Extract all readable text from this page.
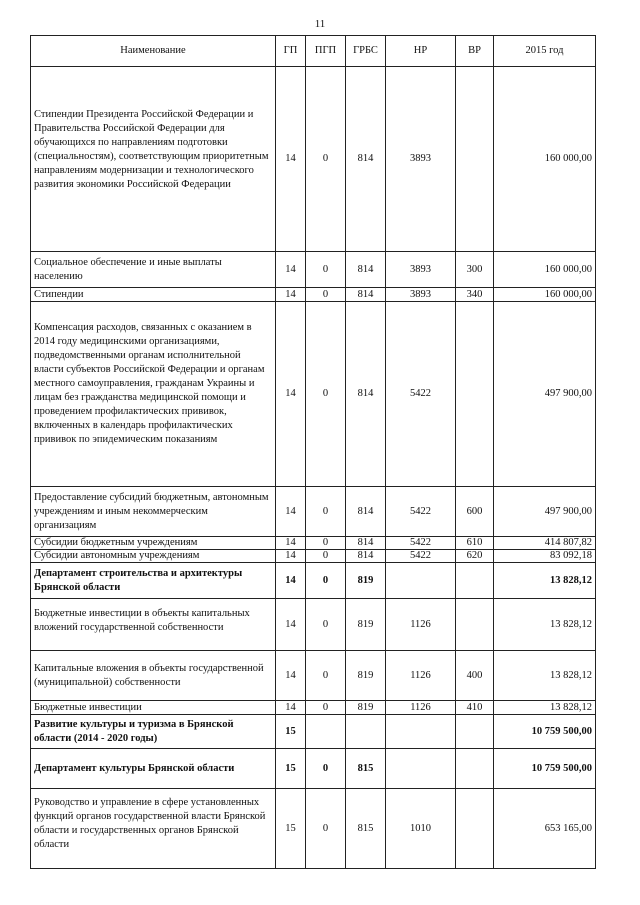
11
Наименование	ГП	ПГП	ГРБС	НР	ВР	2015 год
Стипендии Президента Российской Федерации и Правительства Российской Федерации для обучающихся по направлениям подготовки (специальностям), соответствующим приоритетным направлениям модернизации и технологического развития экономики Российской Федерации	14	0	814	3893		160 000,00
Социальное обеспечение и иные выплаты населению	14	0	814	3893	300	160 000,00
Стипендии	14	0	814	3893	340	160 000,00
Компенсация расходов, связанных с оказанием в 2014 году медицинскими организациями, подведомственными органам исполнительной власти субъектов Российской Федерации и органам местного самоуправления, гражданам Украины и лицам без гражданства медицинской помощи и проведением профилактических прививок, включенных в календарь профилактических прививок по эпидемическим показаниям	14	0	814	5422		497 900,00
Предоставление субсидий бюджетным, автономным учреждениям и иным некоммерческим организациям	14	0	814	5422	600	497 900,00
Субсидии бюджетным учреждениям	14	0	814	5422	610	414 807,82
Субсидии автономным учреждениям	14	0	814	5422	620	83 092,18
Департамент строительства и архитектуры Брянской области	14	0	819			13 828,12
Бюджетные инвестиции в объекты капитальных вложений государственной собственности	14	0	819	1126		13 828,12
Капитальные вложения в объекты государственной (муниципальной) собственности	14	0	819	1126	400	13 828,12
Бюджетные инвестиции	14	0	819	1126	410	13 828,12
Развитие культуры и туризма в Брянской области (2014 - 2020 годы)	15					10 759 500,00
Департамент культуры Брянской области	15	0	815			10 759 500,00
Руководство и управление в сфере установленных функций органов государственной власти Брянской области и государственных органов Брянской области	15	0	815	1010		653 165,00
